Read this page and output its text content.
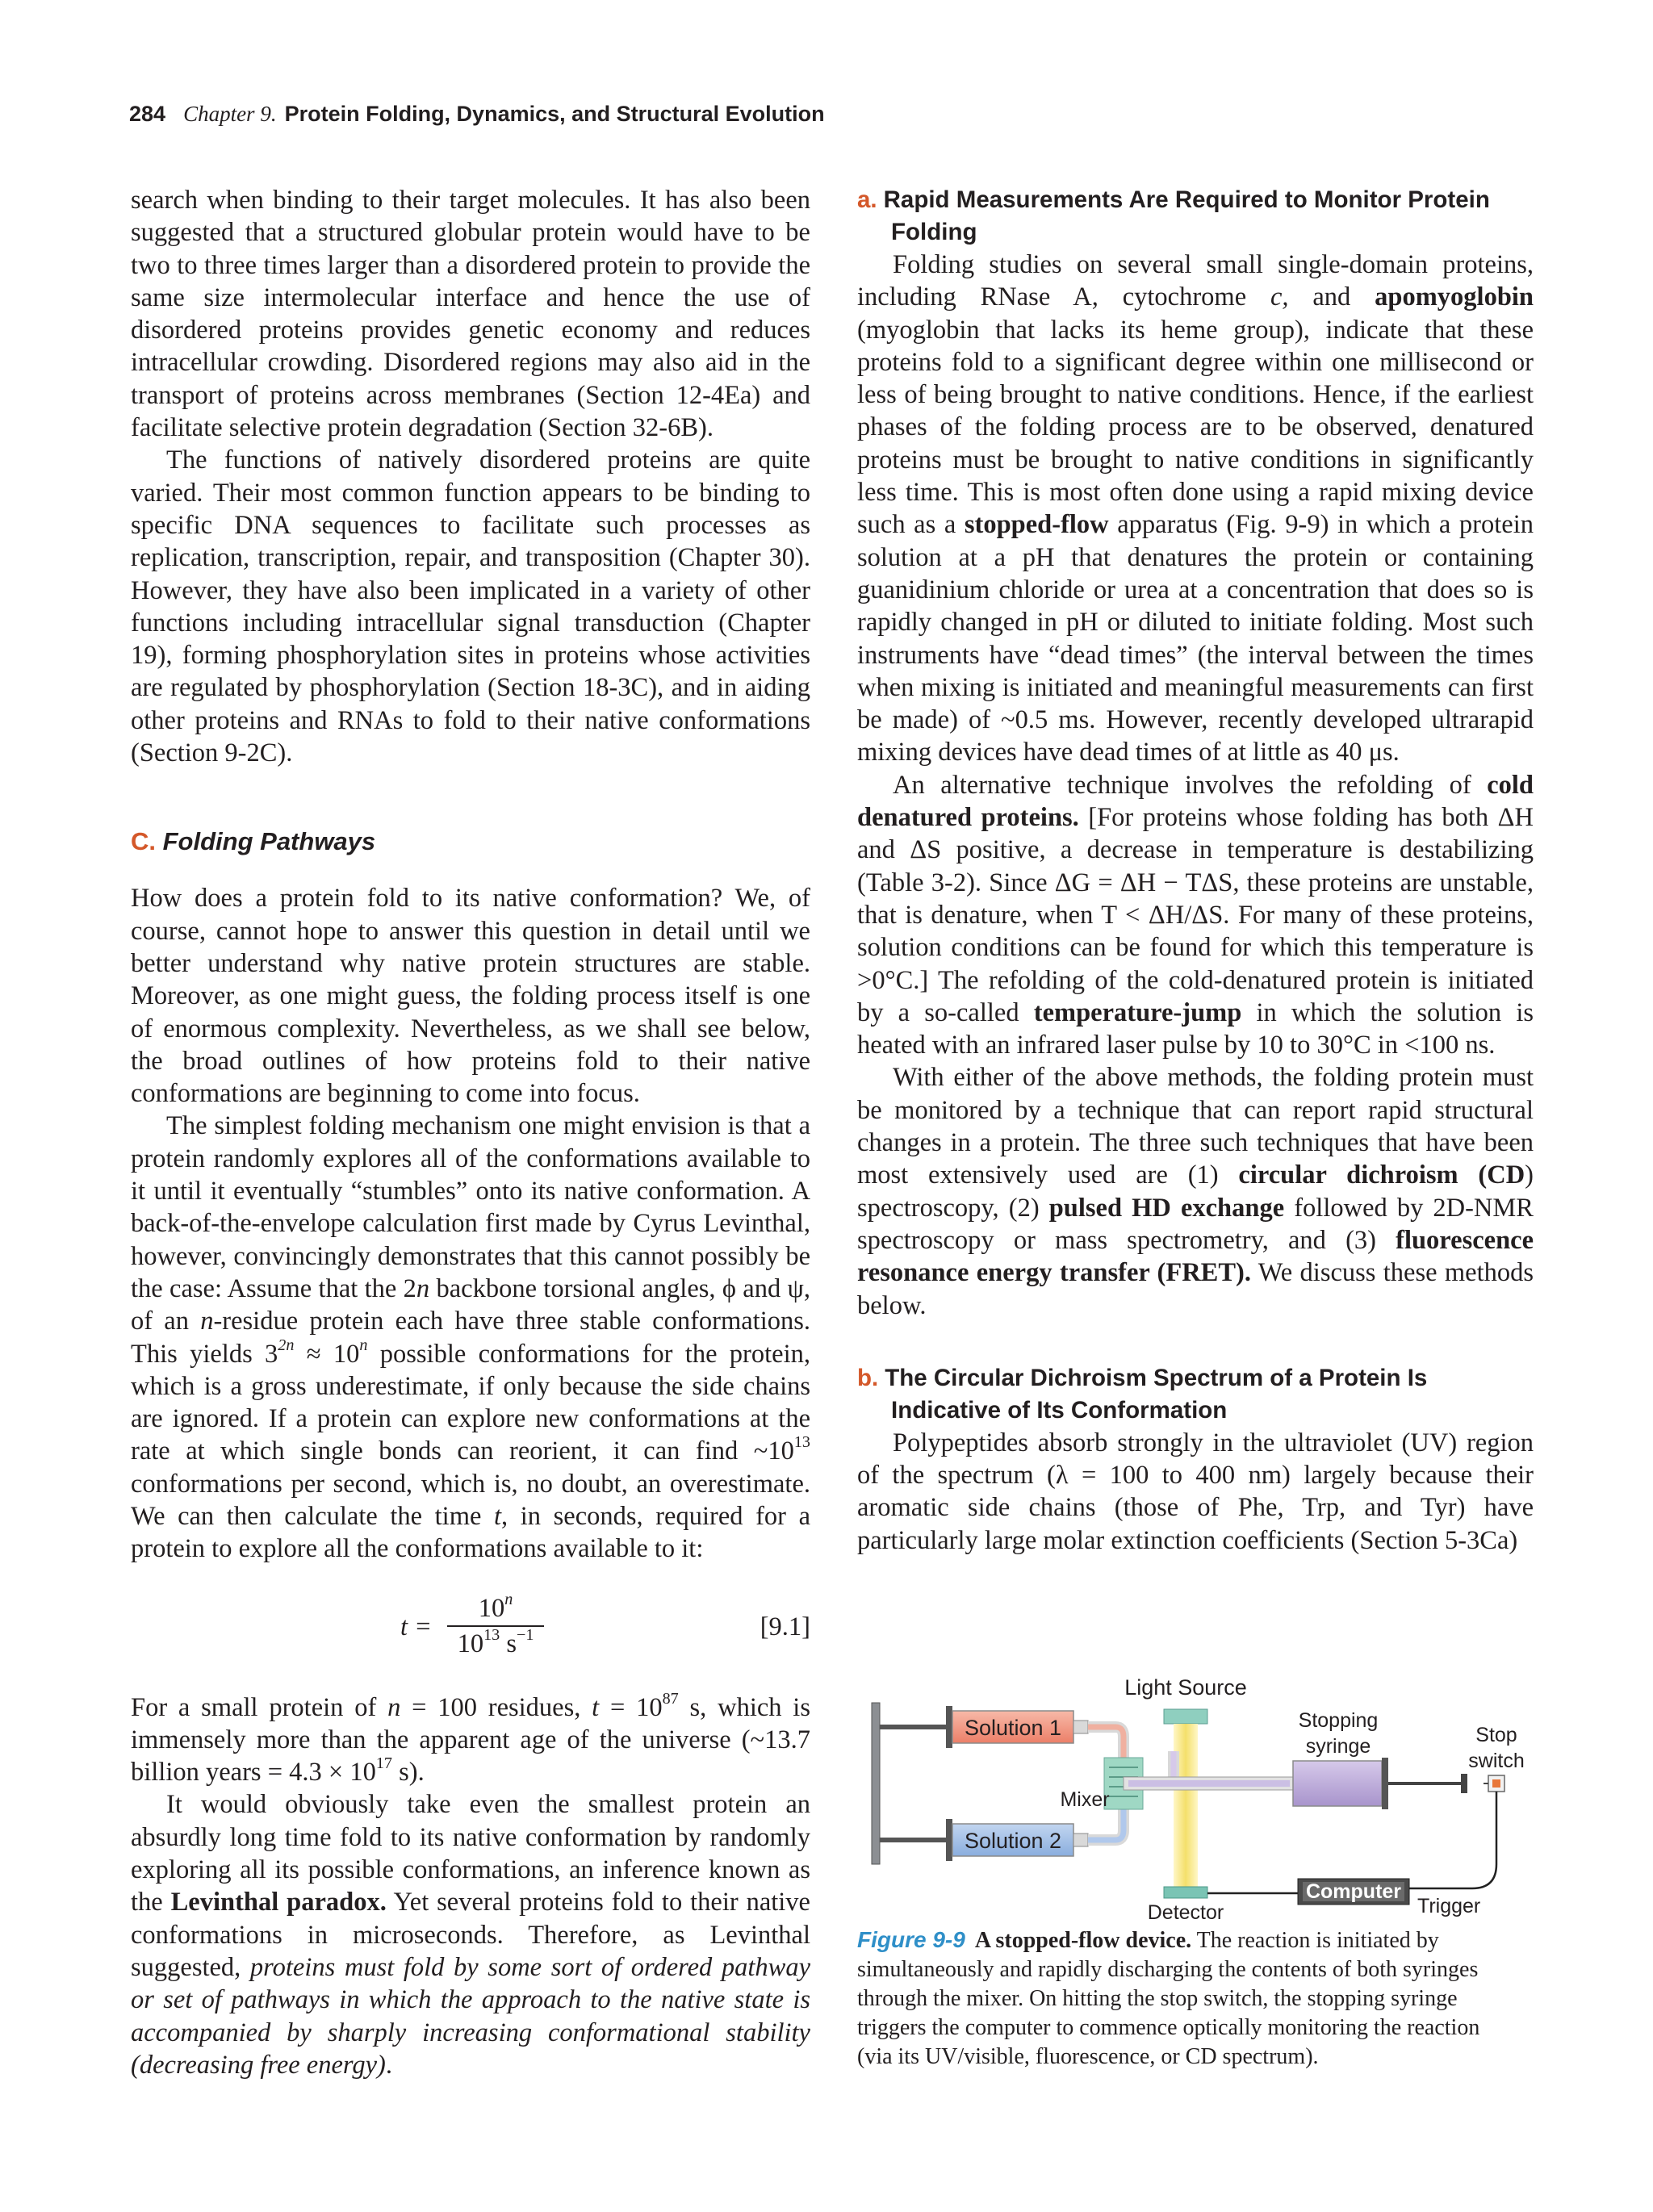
284 Chapter 9. Protein Folding, Dynamics, and Structural Evolution

search when binding to their target molecules. It has also been suggested that a structured globular protein would have to be two to three times larger than a disordered protein to provide the same size intermolecular interface and hence the use of disordered proteins provides genetic economy and reduces intracellular crowding. Disordered regions may also aid in the transport of proteins across membranes (Section 12-4Ea) and facilitate selective protein degradation (Section 32-6B).

The functions of natively disordered proteins are quite varied. Their most common function appears to be binding to specific DNA sequences to facilitate such processes as replication, transcription, repair, and transposition (Chapter 30). However, they have also been implicated in a variety of other functions including intracellular signal transduction (Chapter 19), forming phosphorylation sites in proteins whose activities are regulated by phosphorylation (Section 18-3C), and in aiding other proteins and RNAs to fold to their native conformations (Section 9-2C).

C. Folding Pathways

How does a protein fold to its native conformation? We, of course, cannot hope to answer this question in detail until we better understand why native protein structures are stable. Moreover, as one might guess, the folding process itself is one of enormous complexity. Nevertheless, as we shall see below, the broad outlines of how proteins fold to their native conformations are beginning to come into focus.

The simplest folding mechanism one might envision is that a protein randomly explores all of the conformations available to it until it eventually “stumbles” onto its native conformation. A back-of-the-envelope calculation first made by Cyrus Levinthal, however, convincingly demonstrates that this cannot possibly be the case: Assume that the 2n backbone torsional angles, ϕ and ψ, of an n-residue protein each have three stable conformations. This yields $3^{2n} \approx 10^n$ possible conformations for the protein, which is a gross underestimate, if only because the side chains are ignored. If a protein can explore new conformations at the rate at which single bonds can reorient, it can find $\sim 10^{13}$ conformations per second, which is, no doubt, an overestimate. We can then calculate the time t, in seconds, required for a protein to explore all the conformations available to it:

$t = \frac{10^n}{10^{13} s^{-1}}$	[9.1]

For a small protein of n = 100 residues, $t = 10^{87}$ s, which is immensely more than the apparent age of the universe (~13.7 billion years = $4.3 \times 10^{17}$ s).

It would obviously take even the smallest protein an absurdly long time fold to its native conformation by randomly exploring all its possible conformations, an inference known as the Levinthal paradox. Yet several proteins fold to their native conformations in microseconds. Therefore, as Levinthal suggested, proteins must fold by some sort of ordered pathway or set of pathways in which the approach to the native state is accompanied by sharply increasing conformational stability (decreasing free energy).

a. Rapid Measurements Are Required to Monitor Protein Folding

Folding studies on several small single-domain proteins, including RNase A, cytochrome c, and apomyoglobin (myoglobin that lacks its heme group), indicate that these proteins fold to a significant degree within one millisecond or less of being brought to native conditions. Hence, if the earliest phases of the folding process are to be observed, denatured proteins must be brought to native conditions in significantly less time. This is most often done using a rapid mixing device such as a stopped-flow apparatus (Fig. 9-9) in which a protein solution at a pH that denatures the protein or containing guanidinium chloride or urea at a concentration that does so is rapidly changed in pH or diluted to initiate folding. Most such instruments have “dead times” (the interval between the times when mixing is initiated and meaningful measurements can first be made) of ~0.5 ms. However, recently developed ultrarapid mixing devices have dead times of at little as 40 μs.

An alternative technique involves the refolding of cold denatured proteins. [For proteins whose folding has both ΔH and ΔS positive, a decrease in temperature is destabilizing (Table 3-2). Since ΔG = ΔH − TΔS, these proteins are unstable, that is denature, when T < ΔH/ΔS. For many of these proteins, solution conditions can be found for which this temperature is >0°C.] The refolding of the cold-denatured protein is initiated by a so-called temperature-jump in which the solution is heated with an infrared laser pulse by 10 to 30°C in <100 ns.

With either of the above methods, the folding protein must be monitored by a technique that can report rapid structural changes in a protein. The three such techniques that have been most extensively used are (1) circular dichroism (CD) spectroscopy, (2) pulsed HD exchange followed by 2D-NMR spectroscopy or mass spectrometry, and (3) fluorescence resonance energy transfer (FRET). We discuss these methods below.

b. The Circular Dichroism Spectrum of a Protein Is Indicative of Its Conformation

Polypeptides absorb strongly in the ultraviolet (UV) region of the spectrum (λ = 100 to 400 nm) largely because their aromatic side chains (those of Phe, Trp, and Tyr) have particularly large molar extinction coefficients (Section 5-3Ca)

Light Source
Solution 1
Solution 2
Mixer
Stopping
syringe	Stop
switch
Computer
Trigger
Detector
Figure 9-9 A stopped-flow device. The reaction is initiated by simultaneously and rapidly discharging the contents of both syringes through the mixer. On hitting the stop switch, the stopping syringe triggers the computer to commence optically monitoring the reaction (via its UV/visible, fluorescence, or CD spectrum).
